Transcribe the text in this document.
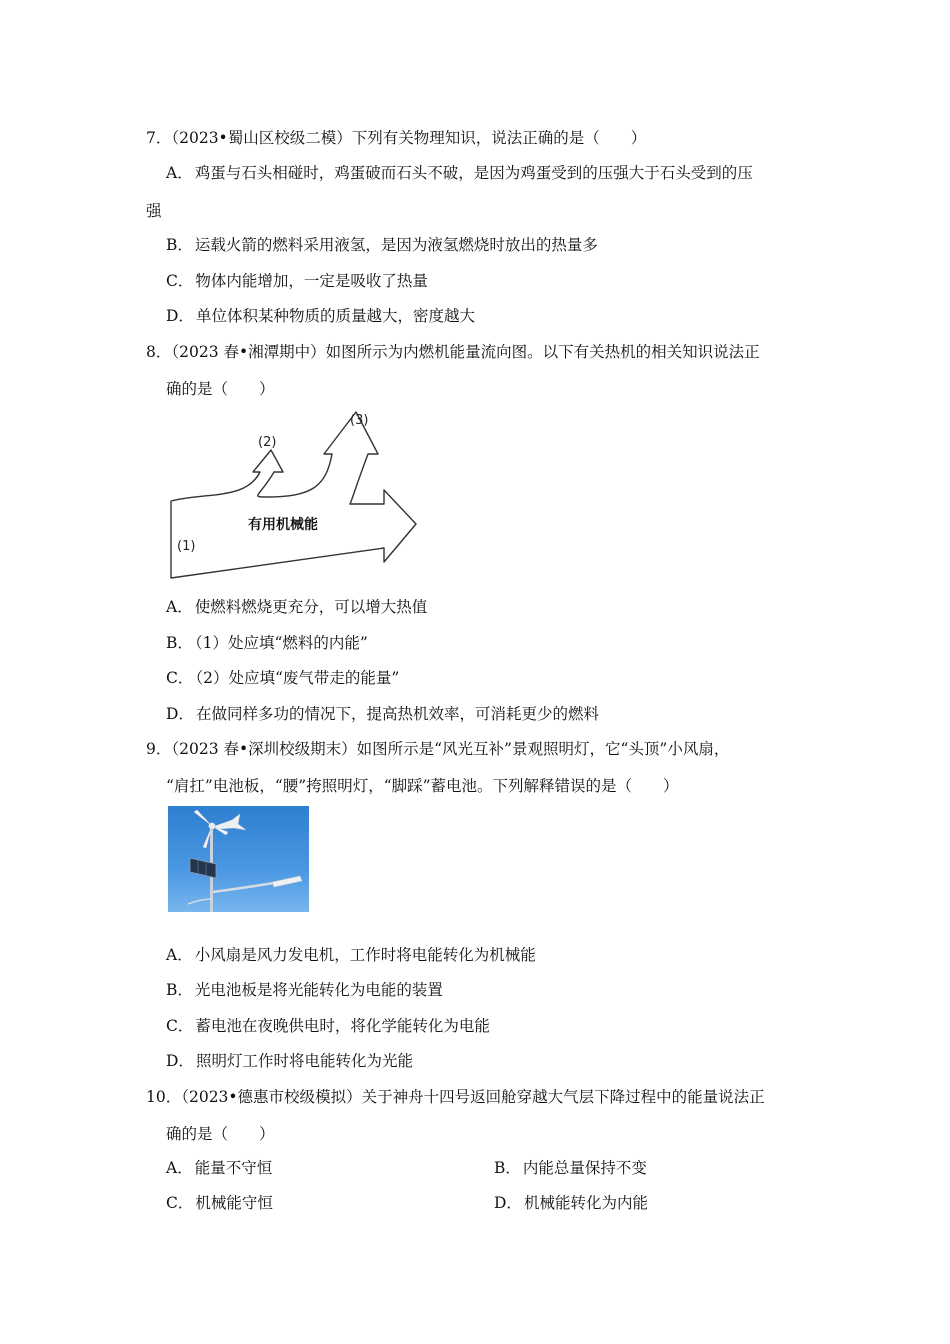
7．（2023•蜀山区校级二模）下列有关物理知识，说法正确的是（　　）
A． 鸡蛋与石头相碰时，鸡蛋破而石头不破，是因为鸡蛋受到的压强大于石头受到的压
强
B． 运载火箭的燃料采用液氢，是因为液氢燃烧时放出的热量多
C． 物体内能增加，一定是吸收了热量
D． 单位体积某种物质的质量越大，密度越大
8．（2023 春•湘潭期中）如图所示为内燃机能量流向图。以下有关热机的相关知识说法正
确的是（　　）
(1)
(2)
(3)
有用机械能
A． 使燃料燃烧更充分，可以增大热值
B． （1）处应填“燃料的内能”
C． （2）处应填“废气带走的能量”
D． 在做同样多功的情况下，提高热机效率，可消耗更少的燃料
9．（2023 春•深圳校级期末）如图所示是“风光互补”景观照明灯，它“头顶”小风扇，
“肩扛”电池板，“腰”挎照明灯，“脚踩”蓄电池。下列解释错误的是（　　）
A． 小风扇是风力发电机，工作时将电能转化为机械能
B． 光电池板是将光能转化为电能的装置
C． 蓄电池在夜晚供电时，将化学能转化为电能
D． 照明灯工作时将电能转化为光能
10．（2023•德惠市校级模拟）关于神舟十四号返回舱穿越大气层下降过程中的能量说法正
确的是（　　）
A． 能量不守恒	B． 内能总量保持不变
C． 机械能守恒	D． 机械能转化为内能
